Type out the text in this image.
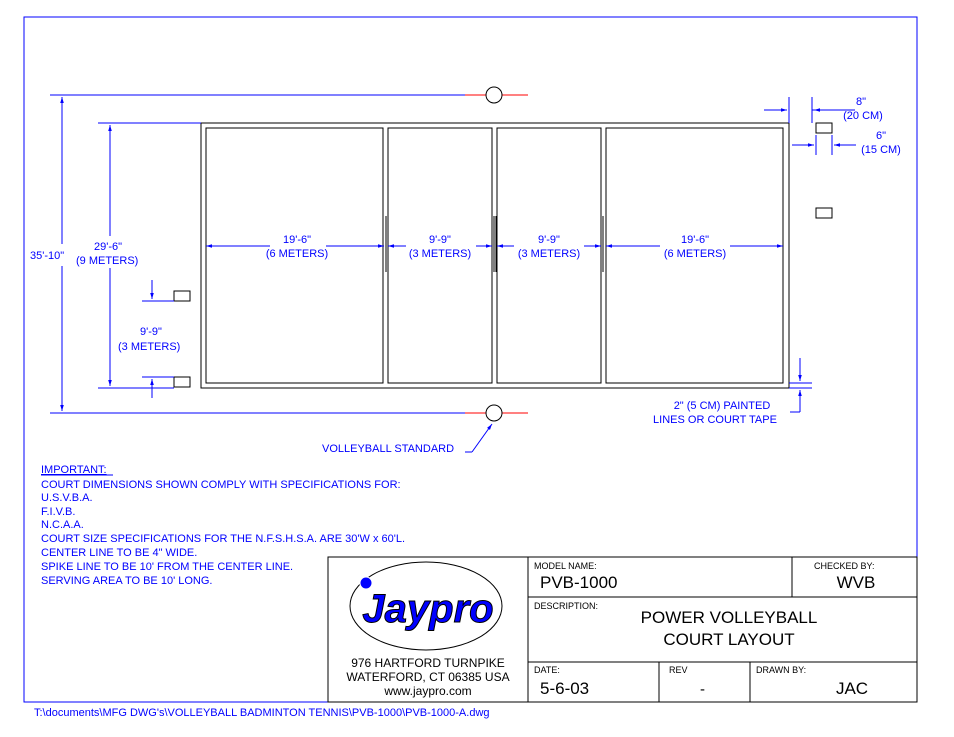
35'-10"
29'-6"
(9 METERS)
9'-9"
(3 METERS)
19'-6"
(6 METERS)
9'-9"
(3 METERS)
9'-9"
(3 METERS)
19'-6"
(6 METERS)
8"
(20 CM)
6"
(15 CM)
2" (5 CM) PAINTED
LINES OR COURT TAPE
VOLLEYBALL STANDARD
IMPORTANT:
COURT DIMENSIONS SHOWN COMPLY WITH SPECIFICATIONS FOR:
U.S.V.B.A.
F.I.V.B.
N.C.A.A.
COURT SIZE SPECIFICATIONS FOR THE N.F.S.H.S.A. ARE 30'W x 60'L.
CENTER LINE TO BE 4" WIDE.
SPIKE LINE TO BE 10' FROM THE CENTER LINE.
SERVING AREA TO BE 10' LONG.
Jaypro
976 HARTFORD TURNPIKE
WATERFORD, CT 06385 USA
www.jaypro.com
MODEL NAME:
PVB-1000
CHECKED BY:
WVB
DESCRIPTION:
POWER VOLLEYBALL
COURT LAYOUT
DATE:
5-6-03
REV
-
DRAWN BY:
JAC
T:\documents\MFG DWG's\VOLLEYBALL BADMINTON TENNIS\PVB-1000\PVB-1000-A.dwg
